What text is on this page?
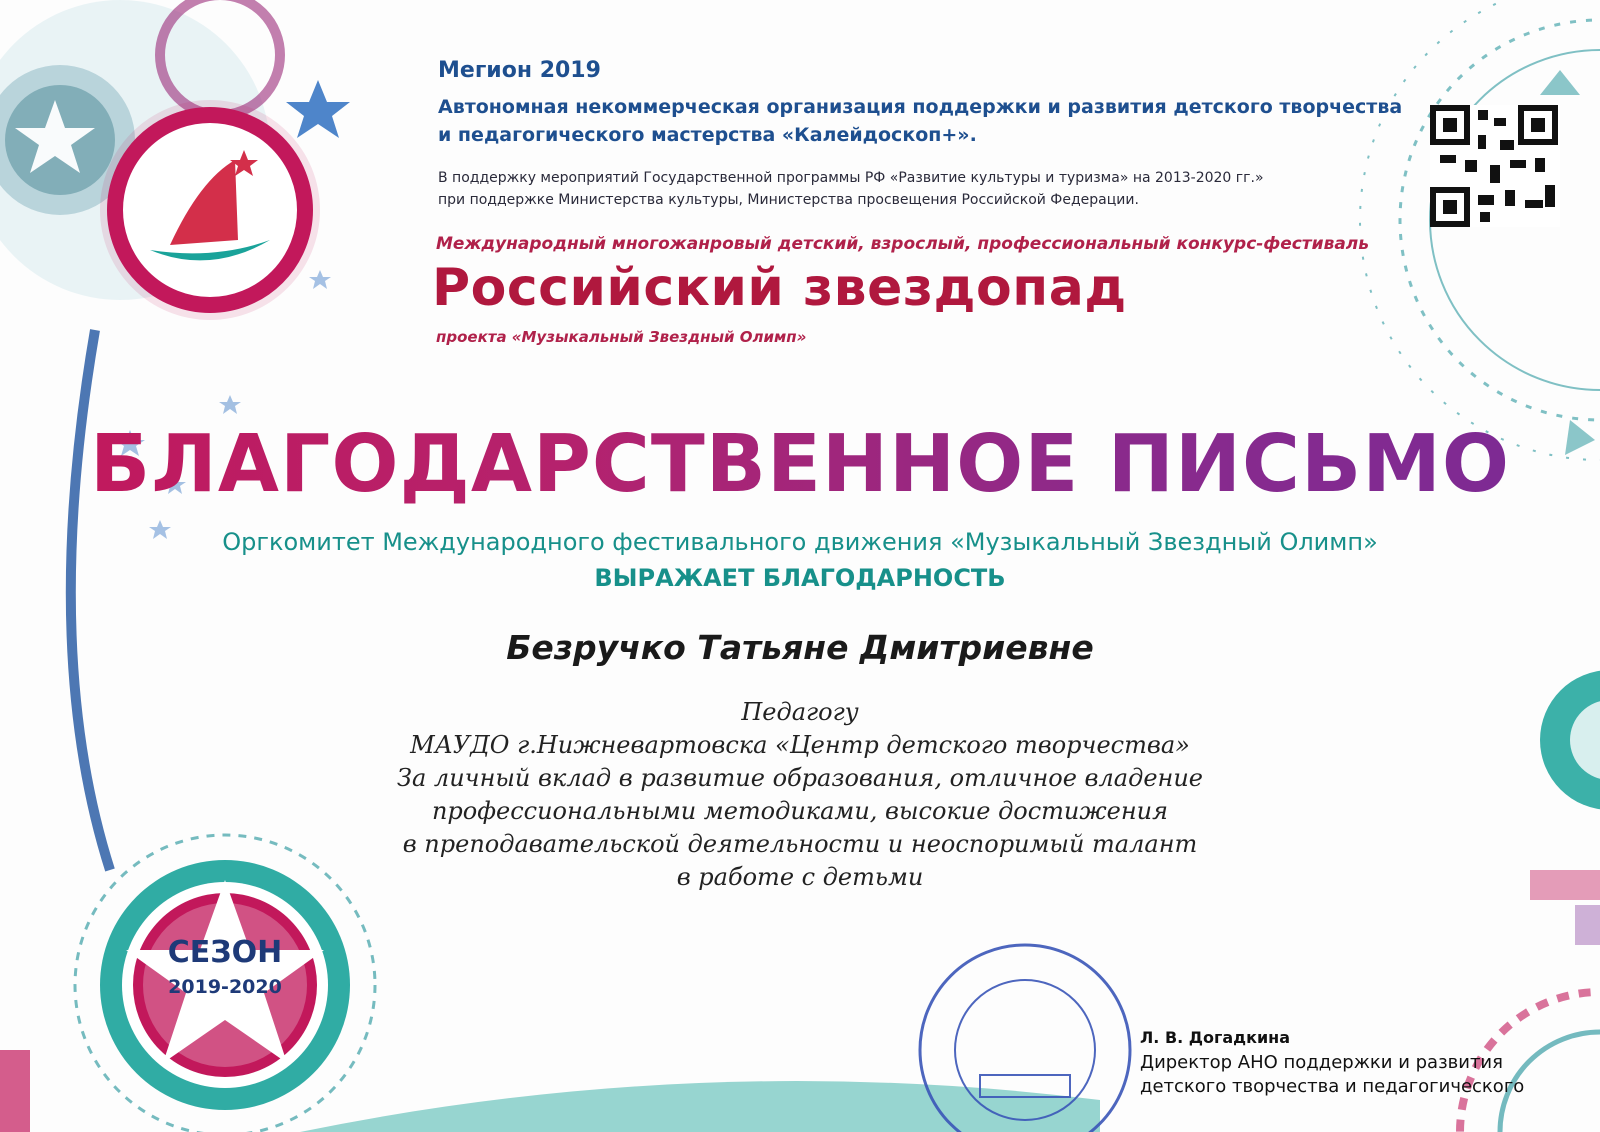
Мегион 2019
Автономная некоммерческая организация поддержки и развития детского творчества
и педагогического мастерства «Калейдоскоп+».
В поддержку мероприятий Государственной программы РФ «Развитие культуры и туризма» на 2013-2020 гг.»
при поддержке Министерства культуры, Министерства просвещения Российской Федерации.
Международный многожанровый детский, взрослый, профессиональный конкурс-фестиваль
Российский звездопад
проекта «Музыкальный Звездный Олимп»
БЛАГОДАРСТВЕННОЕ ПИСЬМО
Оргкомитет Международного фестивального движения «Музыкальный Звездный Олимп»
ВЫРАЖАЕТ БЛАГОДАРНОСТЬ
Безручко Татьяне Дмитриевне
Педагогу
МАУДО г.Нижневартовска «Центр детского творчества»
За личный вклад в развитие образования, отличное владение
профессиональными методиками, высокие достижения
в преподавательской деятельности и неоспоримый талант
в работе с детьми
СЕЗОН
2019-2020
Л. В. Догадкина
Директор АНО поддержки и развития
детского творчества и педагогического
